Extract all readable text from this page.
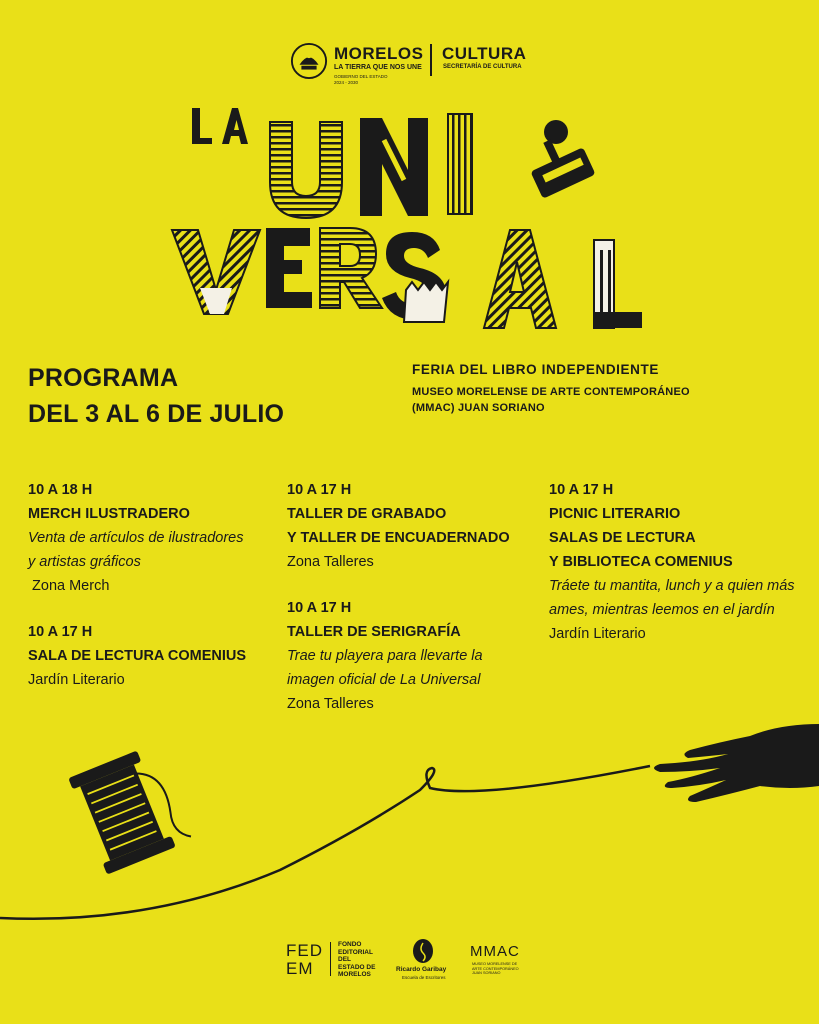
MORELOS
LA TIERRA QUE NOS UNE
GOBIERNO DEL ESTADO
2024 - 2030
CULTURA
SECRETARÍA DE CULTURA
FERIA DEL LIBRO INDEPENDIENTE
MUSEO MORELENSE DE ARTE CONTEMPORÁNEO
(MMAC) JUAN SORIANO
PROGRAMA
DEL 3 AL 6 DE JULIO
10 A 18 H
MERCH ILUSTRADERO
Venta de artículos de ilustradores
y artistas gráficos
Zona Merch
10 A 17 H
SALA DE LECTURA COMENIUS
Jardín Literario
10 A 17 H
TALLER DE GRABADO
Y TALLER DE ENCUADERNADO
Zona Talleres
10 A 17 H
TALLER DE SERIGRAFÍA
Trae tu playera para llevarte la
imagen oficial de La Universal
Zona Talleres
10 A 17 H
PICNIC LITERARIO
SALAS DE LECTURA
Y BIBLIOTECA COMENIUS
Tráete tu mantita, lunch y a quien más
ames, mientras leemos en el jardín
Jardín Literario
FED
EM
FONDO
EDITORIAL
DEL
ESTADO DE
MORELOS
Ricardo Garibay
Escuela de Escritores
MMAC
MUSEO MORELENSE DE ARTE CONTEMPORÁNEO JUAN SORIANO
